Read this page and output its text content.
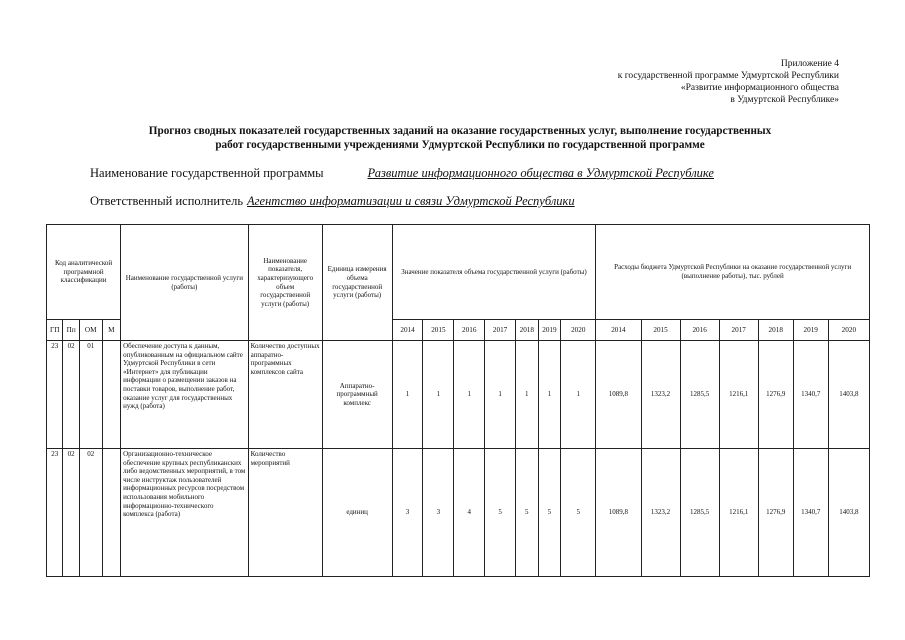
Приложение 4
к государственной программе Удмуртской Республики
«Развитие информационного общества
в Удмуртской Республике»
Прогноз сводных показателей государственных заданий на оказание государственных услуг, выполнение государственных
работ государственными учреждениями Удмуртской Республики по государственной программе
Наименование государственной программы	Развитие информационного общества в Удмуртской Республике
Ответственный исполнитель Агентство информатизации и связи Удмуртской Республики
Код аналитической программной классификации				Наименование государственной услуги (работы)	Наименование показателя, характеризующего объем государственной услуги (работы)	Единица измерения объема государственной услуги (работы)	Значение показателя объема государственной услуги (работы)							Расходы бюджета Удмуртской Республики на оказание государственной услуги (выполнение работы), тыс. рублей						
ГП	Пп	ОМ	М				2014	2015	2016	2017	2018	2019	2020	2014	2015	2016	2017	2018	2019	2020
23	02	01		Обеспечение доступа к данным, опубликованным на официальном сайте Удмуртской Республики в сети «Интернет» для публикации информации о размещении заказов на поставки товаров, выполнение работ, оказание услуг для государственных нужд (работа)	Количество доступных аппаратно-программных комплексов сайта	Аппаратно-программный комплекс	1	1	1	1	1	1	1	1089,8	1323,2	1285,5	1216,1	1276,9	1340,7	1403,8
23	02	02		Организационно-техническое обеспечение крупных республиканских либо ведомственных мероприятий, в том числе инструктаж пользователей информационных ресурсов посредством использования мобильного информационно-технического комплекса (работа)	Количество мероприятий	единиц	3	3	4	5	5	5	5	1089,8	1323,2	1285,5	1216,1	1276,9	1340,7	1403,8
